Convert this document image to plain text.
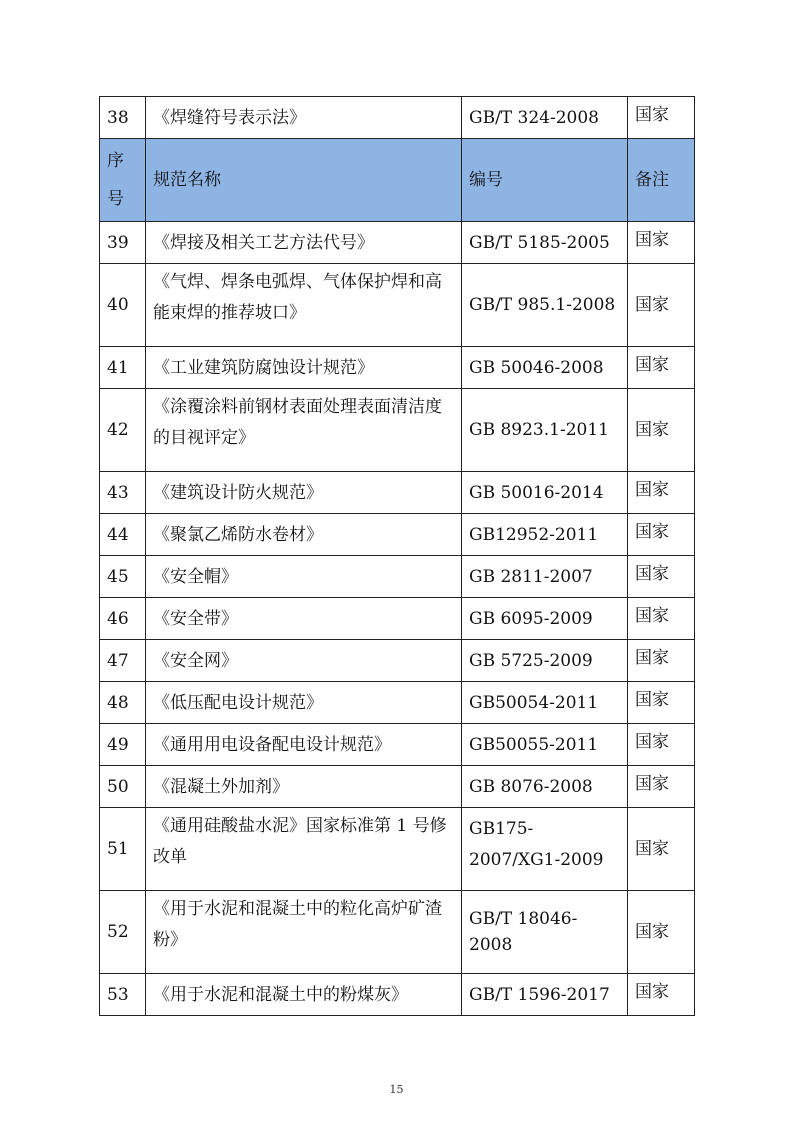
38	《焊缝符号表示法》	GB/T 324-2008	国家
序号	规范名称	编号	备注
39	《焊接及相关工艺方法代号》	GB/T 5185-2005	国家
40	《气焊、焊条电弧焊、气体保护焊和高能束焊的推荐坡口》	GB/T 985.1-2008	国家
41	《工业建筑防腐蚀设计规范》	GB 50046-2008	国家
42	《涂覆涂料前钢材表面处理表面清洁度的目视评定》	GB 8923.1-2011	国家
43	《建筑设计防火规范》	GB 50016-2014	国家
44	《聚氯乙烯防水卷材》	GB12952-2011	国家
45	《安全帽》	GB 2811-2007	国家
46	《安全带》	GB 6095-2009	国家
47	《安全网》	GB 5725-2009	国家
48	《低压配电设计规范》	GB50054-2011	国家
49	《通用用电设备配电设计规范》	GB50055-2011	国家
50	《混凝土外加剂》	GB 8076-2008	国家
51	《通用硅酸盐水泥》国家标准第 1 号修改单	GB175-2007/XG1-2009	国家
52	《用于水泥和混凝土中的粒化高炉矿渣粉》	GB/T 18046-2008	国家
53	《用于水泥和混凝土中的粉煤灰》	GB/T 1596-2017	国家
15
